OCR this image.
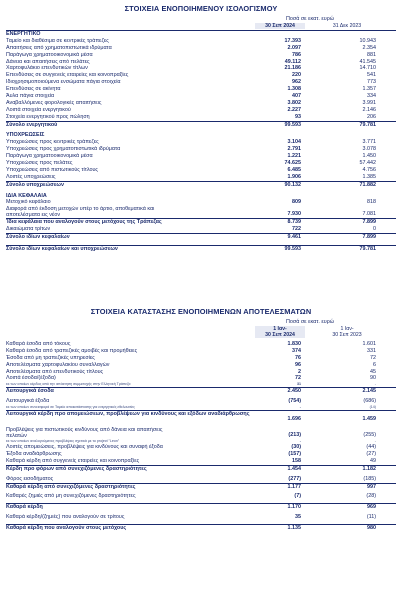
ΣΤΟΙΧΕΙΑ ΕΝΟΠΟΙΗΜΕΝΟΥ ΙΣΟΛΟΓΙΣΜΟΥ
Ποσά σε εκατ. ευρώ
30 Σεπ 2024	31 Δεκ 2023
ΕΝΕΡΓΗΤΙΚΟ
Ταμείο και διαθέσιμα σε κεντρικές τράπεζες	17.393	10.943
Απαιτήσεις από χρηματοπιστωτικά ιδρύματα	2.097	2.354
Παράγωγα χρηματοοικονομικά μέσα	786	881
Δάνεια και απαιτήσεις από πελάτες	49.112	41.545
Χαρτοφυλάκιο επενδυτικών τίτλων	21.186	14.710
Επενδύσεις σε συγγενείς εταιρείες και κοινοπραξίες	220	541
Ιδιοχρησιμοποιούμενα ενσώματα πάγια στοιχεία	962	773
Επενδύσεις σε ακίνητα	1.308	1.357
Άυλα πάγια στοιχεία	407	334
Αναβαλλόμενες φορολογικές απαιτήσεις	3.802	3.991
Λοιπά στοιχεία ενεργητικού	2.227	2.146
Στοιχεία ενεργητικού προς πώληση	93	206
Σύνολο ενεργητικού	99.593	79.781
ΥΠΟΧΡΕΩΣΕΙΣ
Υποχρεώσεις προς κεντρικές τράπεζες	3.104	3.771
Υποχρεώσεις προς χρηματοπιστωτικά ιδρύματα	2.791	3.078
Παράγωγα χρηματοοικονομικά μέσα	1.221	1.450
Υποχρεώσεις προς πελάτες	74.625	57.442
Υποχρεώσεις από πιστωτικούς τίτλους	6.485	4.756
Λοιπές υποχρεώσεις	1.906	1.385
Σύνολο υποχρεώσεων	90.132	71.882
ΙΔΙΑ ΚΕΦΑΛΑΙΑ
Μετοχικό κεφάλαιο	809	818
Διαφορά από έκδοση μετοχών υπέρ το άρτιο, αποθεματικά και αποτελέσματα εις νέον	7.930	7.081
Ίδια κεφάλαια που αναλογούν στους μετόχους της Τράπεζας	8.739	7.899
Δικαιώματα τρίτων	722	0
Σύνολο ιδίων κεφαλαίων	9.461	7.899
Σύνολο ιδίων κεφαλαίων και υποχρεώσεων	99.593	79.781
ΣΤΟΙΧΕΙΑ ΚΑΤΑΣΤΑΣΗΣ ΕΝΟΠΟΙΗΜΕΝΩΝ ΑΠΟΤΕΛΕΣΜΑΤΩΝ
Ποσά σε εκατ. ευρώ
1 Ιαν-
30 Σεπ 2024
1 Ιαν-
30 Σεπ 2023
Καθαρά έσοδα από τόκους	1.830	1.601
Καθαρά έσοδα από τραπεζικές αμοιβές και προμήθειες	374	331
Έσοδα από μη τραπεζικές υπηρεσίες	76	72
Αποτελέσματα χαρτοφυλακίου συναλλαγών	96	6
Αποτελέσματα από επενδυτικούς τίτλους	2	45
Λοιπά έσοδα/(έξοδα)	72	90
εκ των οποίων κέρδος από την απόκτηση συμμετοχής στην Ελληνική Τράπεζα	31	-
Λειτουργικά έσοδα	2.450	2.145
Λειτουργικά έξοδα	(754)	(686)
εκ των οποίων συνεισφορά σε Ταμείο αποκατάστασης για ενεργητικές εθελουσίες	-	(14)
Λειτουργικά κέρδη προ απομειώσεων, προβλέψεων για κινδύνους και εξόδων αναδιάρθρωσης
1.696	1.459
Προβλέψεις για πιστωτικούς κινδύνους από δάνεια και απαιτήσεις πελατών	(213)	(255)
εκ των οποίων αναλογούμενες προβλέψεις σχετικά με το project "Leon"	-	-
Λοιπές απομειώσεις, προβλέψεις για κινδύνους και συναφή έξοδα	(30)	(44)
Έξοδα αναδιάρθρωσης	(157)	(27)
Καθαρά κέρδη από συγγενείς εταιρείες και κοινοπραξίες	158	49
Κέρδη προ φόρων από συνεχιζόμενες δραστηριότητες	1.454	1.182
Φόρος εισοδήματος	(277)	(185)
Καθαρά κέρδη από συνεχιζόμενες δραστηριότητες	1.177	997
Καθαρές ζημιές από μη συνεχιζόμενες δραστηριότητες	(7)	(28)
Καθαρά κέρδη	1.170	969
Καθαρά κέρδη/(ζημιές) που αναλογούν σε τρίτους	35	(11)
Καθαρά κέρδη που αναλογούν στους μετόχους	1.135	980
